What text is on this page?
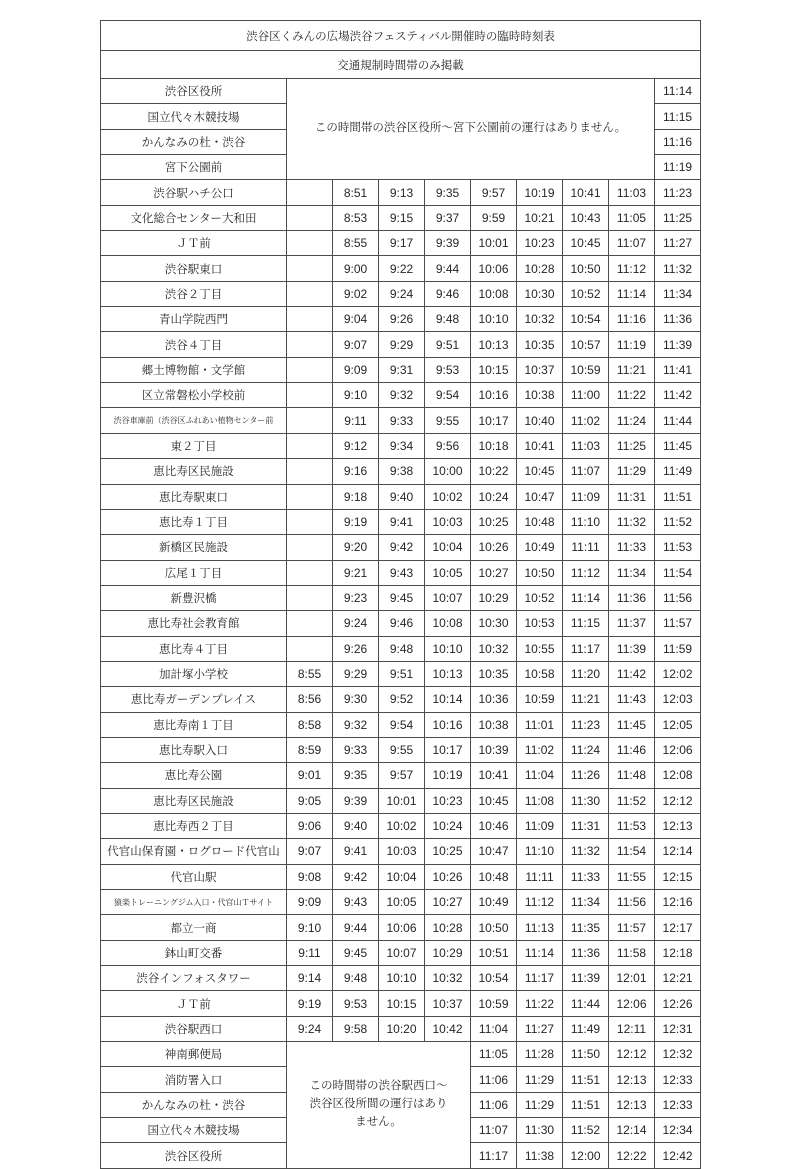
渋谷区くみんの広場渋谷フェスティバル開催時の臨時時刻表									
交通規制時間帯のみ掲載									
渋谷区役所	この時間帯の渋谷区役所～宮下公園前の運行はありません。								11:14
国立代々木競技場									11:15
かんなみの杜・渋谷									11:16
宮下公園前									11:19
渋谷駅ハチ公口		8:51	9:13	9:35	9:57	10:19	10:41	11:03	11:23
文化総合センター大和田		8:53	9:15	9:37	9:59	10:21	10:43	11:05	11:25
ＪＴ前		8:55	9:17	9:39	10:01	10:23	10:45	11:07	11:27
渋谷駅東口		9:00	9:22	9:44	10:06	10:28	10:50	11:12	11:32
渋谷２丁目		9:02	9:24	9:46	10:08	10:30	10:52	11:14	11:34
青山学院西門		9:04	9:26	9:48	10:10	10:32	10:54	11:16	11:36
渋谷４丁目		9:07	9:29	9:51	10:13	10:35	10:57	11:19	11:39
郷土博物館・文学館		9:09	9:31	9:53	10:15	10:37	10:59	11:21	11:41
区立常磐松小学校前		9:10	9:32	9:54	10:16	10:38	11:00	11:22	11:42
渋谷車庫前（渋谷区ふれあい植物センター前		9:11	9:33	9:55	10:17	10:40	11:02	11:24	11:44
東２丁目		9:12	9:34	9:56	10:18	10:41	11:03	11:25	11:45
恵比寿区民施設		9:16	9:38	10:00	10:22	10:45	11:07	11:29	11:49
恵比寿駅東口		9:18	9:40	10:02	10:24	10:47	11:09	11:31	11:51
恵比寿１丁目		9:19	9:41	10:03	10:25	10:48	11:10	11:32	11:52
新橋区民施設		9:20	9:42	10:04	10:26	10:49	11:11	11:33	11:53
広尾１丁目		9:21	9:43	10:05	10:27	10:50	11:12	11:34	11:54
新豊沢橋		9:23	9:45	10:07	10:29	10:52	11:14	11:36	11:56
恵比寿社会教育館		9:24	9:46	10:08	10:30	10:53	11:15	11:37	11:57
恵比寿４丁目		9:26	9:48	10:10	10:32	10:55	11:17	11:39	11:59
加計塚小学校	8:55	9:29	9:51	10:13	10:35	10:58	11:20	11:42	12:02
恵比寿ガーデンプレイス	8:56	9:30	9:52	10:14	10:36	10:59	11:21	11:43	12:03
恵比寿南１丁目	8:58	9:32	9:54	10:16	10:38	11:01	11:23	11:45	12:05
恵比寿駅入口	8:59	9:33	9:55	10:17	10:39	11:02	11:24	11:46	12:06
恵比寿公園	9:01	9:35	9:57	10:19	10:41	11:04	11:26	11:48	12:08
恵比寿区民施設	9:05	9:39	10:01	10:23	10:45	11:08	11:30	11:52	12:12
恵比寿西２丁目	9:06	9:40	10:02	10:24	10:46	11:09	11:31	11:53	12:13
代官山保育園・ログロード代官山	9:07	9:41	10:03	10:25	10:47	11:10	11:32	11:54	12:14
代官山駅	9:08	9:42	10:04	10:26	10:48	11:11	11:33	11:55	12:15
猿楽トレーニングジム入口・代官山Ｔサイト	9:09	9:43	10:05	10:27	10:49	11:12	11:34	11:56	12:16
都立一商	9:10	9:44	10:06	10:28	10:50	11:13	11:35	11:57	12:17
鉢山町交番	9:11	9:45	10:07	10:29	10:51	11:14	11:36	11:58	12:18
渋谷インフォスタワー	9:14	9:48	10:10	10:32	10:54	11:17	11:39	12:01	12:21
ＪＴ前	9:19	9:53	10:15	10:37	10:59	11:22	11:44	12:06	12:26
渋谷駅西口	9:24	9:58	10:20	10:42	11:04	11:27	11:49	12:11	12:31
神南郵便局	この時間帯の渋谷駅西口～渋谷区役所間の運行はありません。				11:05	11:28	11:50	12:12	12:32
消防署入口					11:06	11:29	11:51	12:13	12:33
かんなみの杜・渋谷					11:06	11:29	11:51	12:13	12:33
国立代々木競技場					11:07	11:30	11:52	12:14	12:34
渋谷区役所					11:17	11:38	12:00	12:22	12:42
